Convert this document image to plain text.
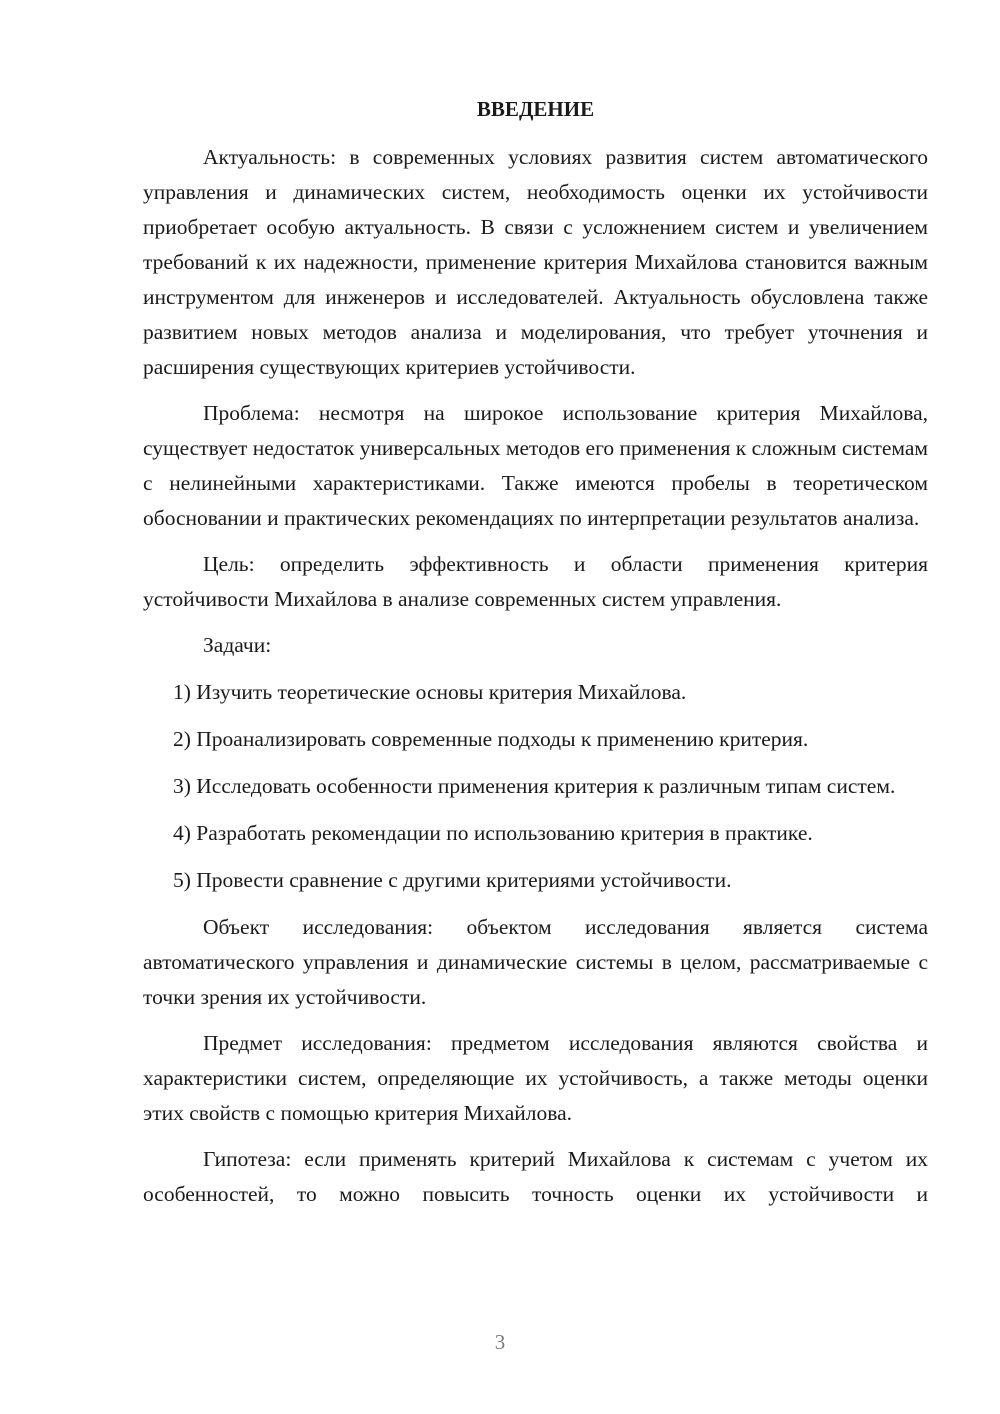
ВВЕДЕНИЕ

Актуальность: в современных условиях развития систем автоматического управления и динамических систем, необходимость оценки их устойчивости приобретает особую актуальность. В связи с усложнением систем и увеличением требований к их надежности, применение критерия Михайлова становится важным инструментом для инженеров и исследователей. Актуальность обусловлена также развитием новых методов анализа и моделирования, что требует уточнения и расширения существующих критериев устойчивости.

Проблема: несмотря на широкое использование критерия Михайлова, существует недостаток универсальных методов его применения к сложным системам с нелинейными характеристиками. Также имеются пробелы в теоретическом обосновании и практических рекомендациях по интерпретации результатов анализа.

Цель: определить эффективность и области применения критерия устойчивости Михайлова в анализе современных систем управления.

Задачи:

1) Изучить теоретические основы критерия Михайлова.

2) Проанализировать современные подходы к применению критерия.

3) Исследовать особенности применения критерия к различным типам систем.

4) Разработать рекомендации по использованию критерия в практике.

5) Провести сравнение с другими критериями устойчивости.

Объект исследования: объектом исследования является система автоматического управления и динамические системы в целом, рассматриваемые с точки зрения их устойчивости.

Предмет исследования: предметом исследования являются свойства и характеристики систем, определяющие их устойчивость, а также методы оценки этих свойств с помощью критерия Михайлова.

Гипотеза: если применять критерий Михайлова к системам с учетом их особенностей, то можно повысить точность оценки их устойчивости и

3
